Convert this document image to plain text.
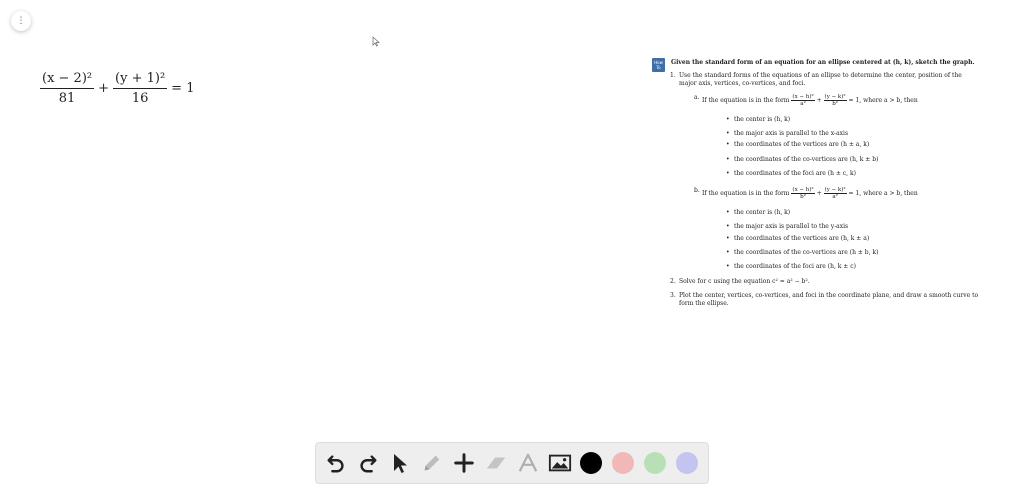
⋮
$\frac{\text{(x − 2)²}}{81} + \frac{\text{(y + 1)²}}{16} = 1$
How
To
Given the standard form of an equation for an ellipse centered at (h, k), sketch the graph.
1. Use the standard forms of the equations of an ellipse to determine the center, position of the major axis, vertices, co-vertices, and foci.
a. If the equation is in the form $\frac{\text{(x − h)²}}{\text{a²}} + \frac{\text{(y − k)²}}{\text{b²}} = 1$, where a > b, then
• the center is (h, k)
• the major axis is parallel to the x-axis
• the coordinates of the vertices are (h ± a, k)
• the coordinates of the co-vertices are (h, k ± b)
• the coordinates of the foci are (h ± c, k)
b. If the equation is in the form $\frac{\text{(x − h)²}}{\text{b²}} + \frac{\text{(y − k)²}}{\text{a²}} = 1$, where a > b, then
• the center is (h, k)
• the major axis is parallel to the y-axis
• the coordinates of the vertices are (h, k ± a)
• the coordinates of the co-vertices are (h ± b, k)
• the coordinates of the foci are (h, k ± c)
2. Solve for c using the equation c² = a² − b².
3. Plot the center, vertices, co-vertices, and foci in the coordinate plane, and draw a smooth curve to form the ellipse.
